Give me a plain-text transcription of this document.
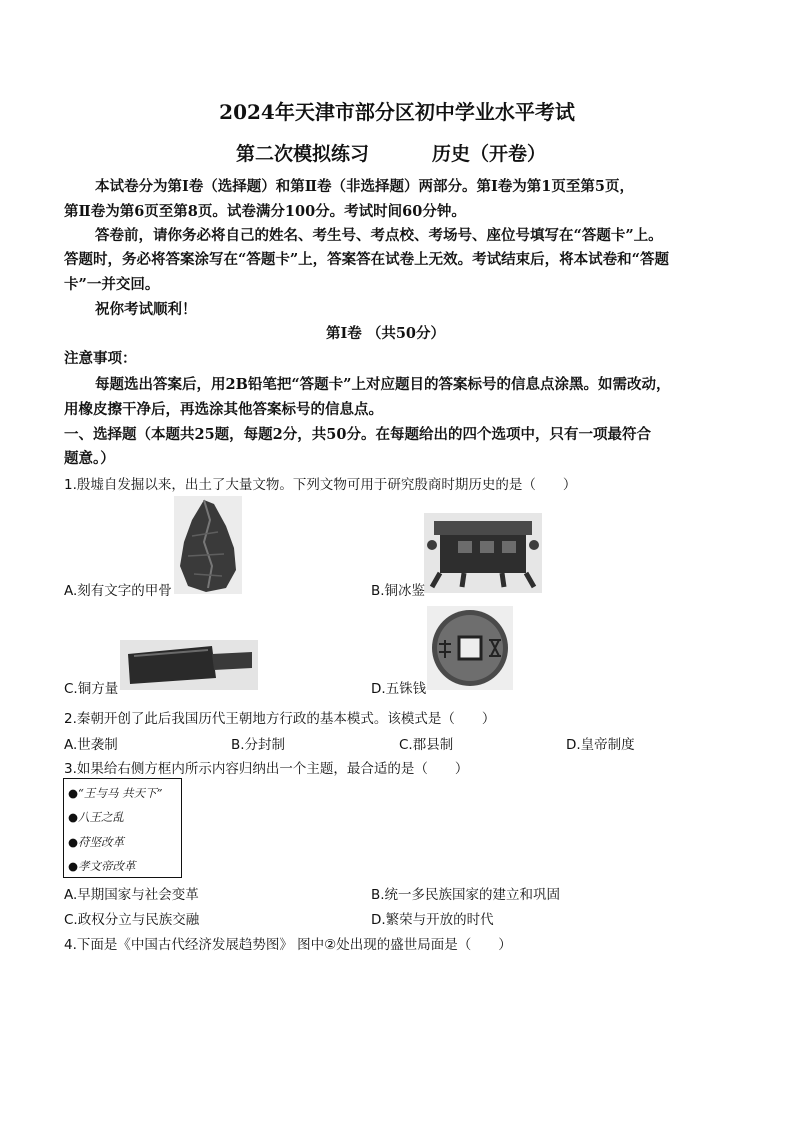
2024年天津市部分区初中学业水平考试
第二次模拟练习	历史（开卷）
本试卷分为第Ⅰ卷（选择题）和第Ⅱ卷（非选择题）两部分。第Ⅰ卷为第1页至第5页，
第Ⅱ卷为第6页至第8页。试卷满分100分。考试时间60分钟。
答卷前，请你务必将自己的姓名、考生号、考点校、考场号、座位号填写在“答题卡”上。
答题时，务必将答案涂写在“答题卡”上，答案答在试卷上无效。考试结束后，将本试卷和“答题
卡”一并交回。
祝你考试顺利！
第Ⅰ卷 （共50分）
注意事项：
每题选出答案后，用2B铅笔把“答题卡”上对应题目的答案标号的信息点涂黑。如需改动，
用橡皮擦干净后，再选涂其他答案标号的信息点。
一、选择题（本题共25题，每题2分，共50分。在每题给出的四个选项中，只有一项最符合
题意。）
1.殷墟自发掘以来，出土了大量文物。下列文物可用于研究殷商时期历史的是（　　）
A.刻有文字的甲骨	B.铜冰鉴
C.铜方量	D.五铢钱
2.秦朝开创了此后我国历代王朝地方行政的基本模式。该模式是（　　）
A.世袭制	B.分封制	C.郡县制	D.皇帝制度
3.如果给右侧方框内所示内容归纳出一个主题，最合适的是（　　）
●“王与马 共天下”
●八王之乱
●苻坚改革
●孝文帝改革
A.早期国家与社会变革	B.统一多民族国家的建立和巩固
C.政权分立与民族交融	D.繁荣与开放的时代
4.下面是《中国古代经济发展趋势图》 图中②处出现的盛世局面是（　　）
